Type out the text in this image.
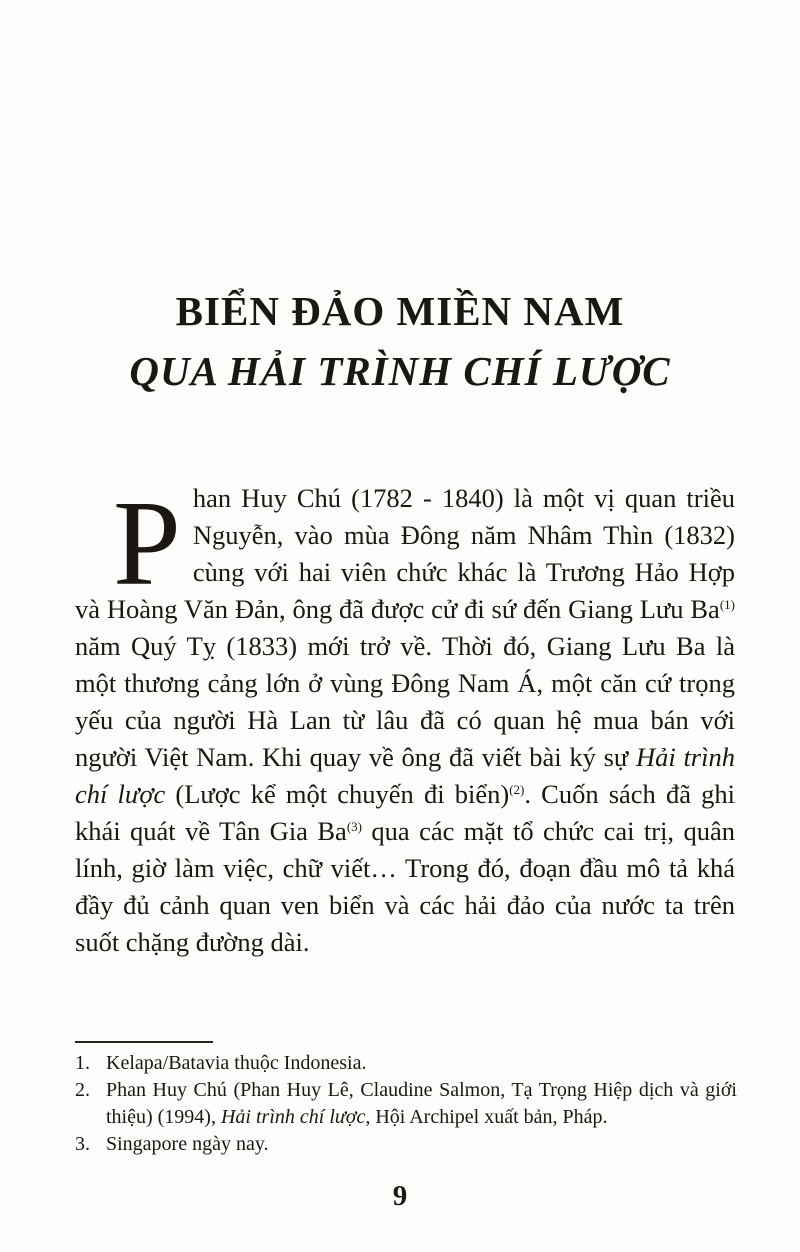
BIỂN ĐẢO MIỀN NAM
QUA HẢI TRÌNH CHÍ LƯỢC
Phan Huy Chú (1782 - 1840) là một vị quan triều Nguyễn, vào mùa Đông năm Nhâm Thìn (1832) cùng với hai viên chức khác là Trương Hảo Hợp và Hoàng Văn Đản, ông đã được cử đi sứ đến Giang Lưu Ba$^{(1)}$ năm Quý Tỵ (1833) mới trở về. Thời đó, Giang Lưu Ba là một thương cảng lớn ở vùng Đông Nam Á, một căn cứ trọng yếu của người Hà Lan từ lâu đã có quan hệ mua bán với người Việt Nam. Khi quay về ông đã viết bài ký sự Hải trình chí lược (Lược kể một chuyến đi biển)$^{(2)}$. Cuốn sách đã ghi khái quát về Tân Gia Ba$^{(3)}$ qua các mặt tổ chức cai trị, quân lính, giờ làm việc, chữ viết… Trong đó, đoạn đầu mô tả khá đầy đủ cảnh quan ven biển và các hải đảo của nước ta trên suốt chặng đường dài.
1. Kelapa/Batavia thuộc Indonesia.
2. Phan Huy Chú (Phan Huy Lê, Claudine Salmon, Tạ Trọng Hiệp dịch và giới thiệu) (1994), Hải trình chí lược, Hội Archipel xuất bản, Pháp.
3. Singapore ngày nay.
9
